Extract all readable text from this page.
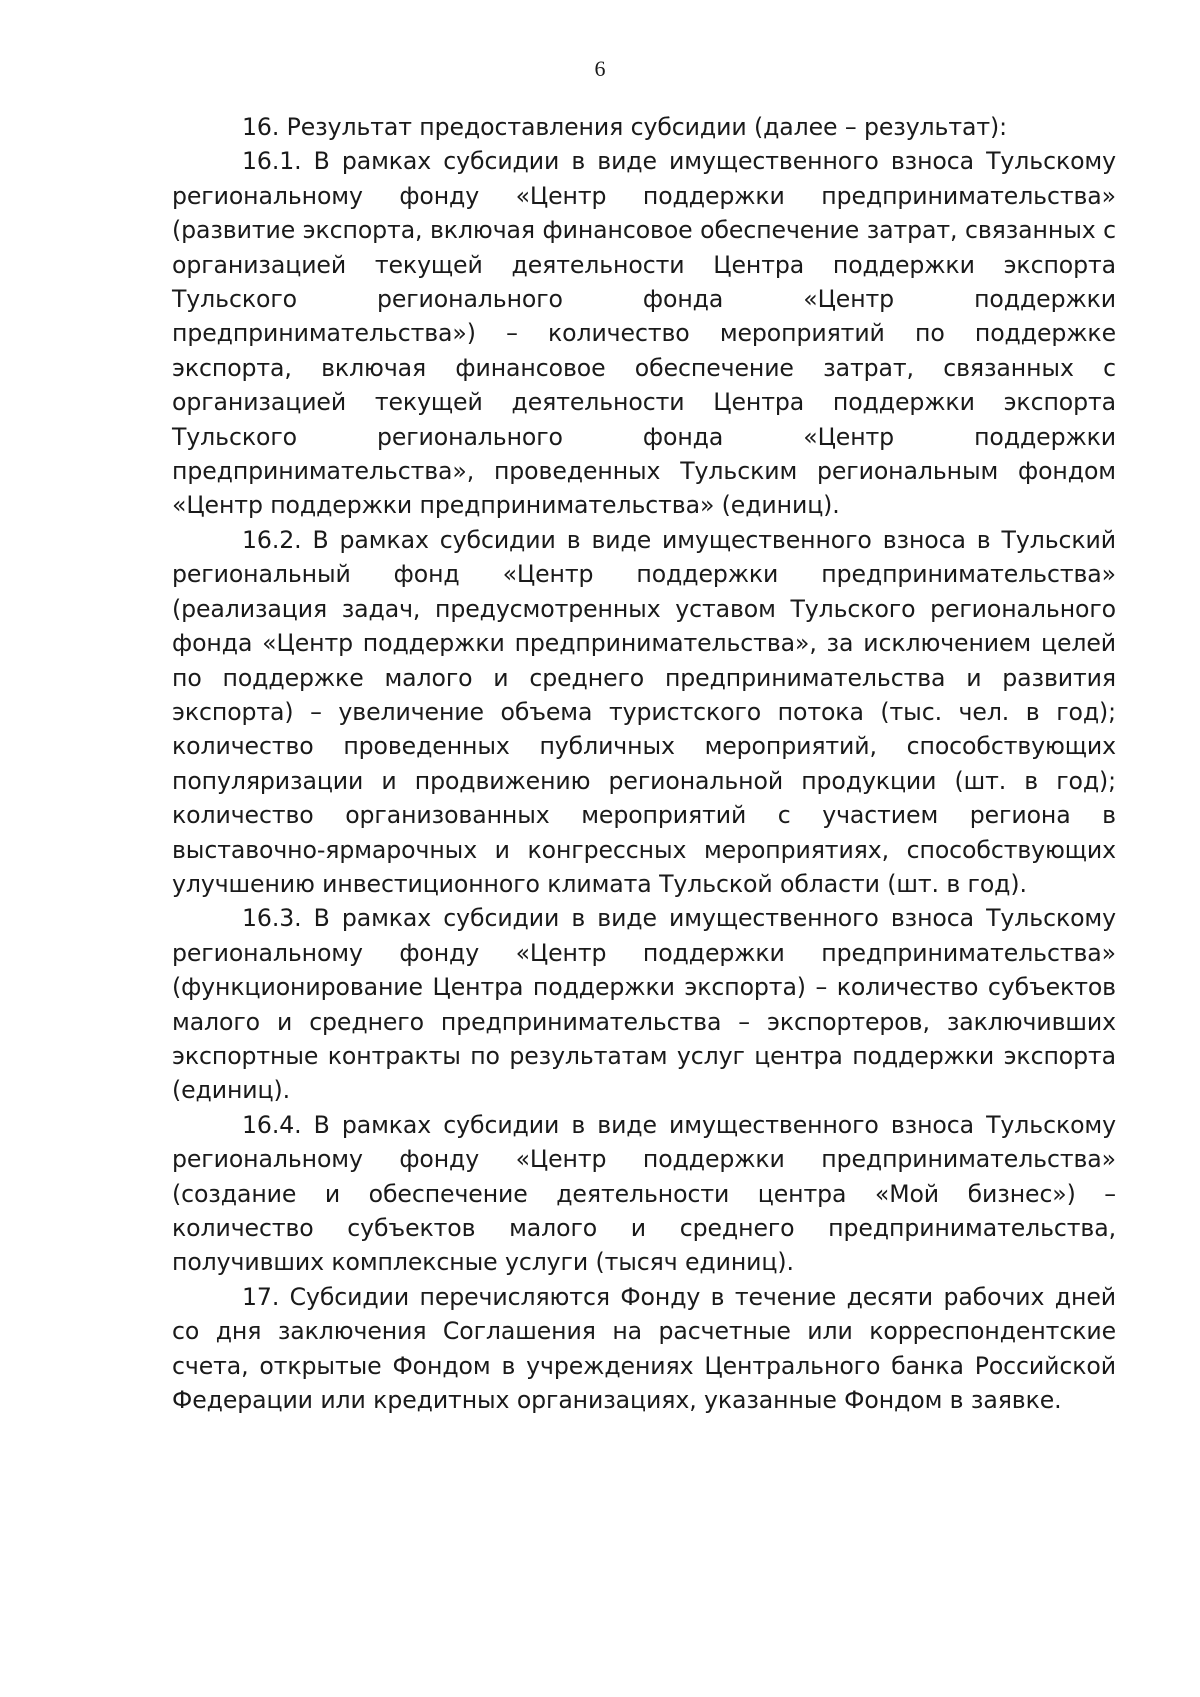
6

16. Результат предоставления субсидии (далее – результат):

16.1. В рамках субсидии в виде имущественного взноса Тульскому региональному фонду «Центр поддержки предпринимательства» (развитие экспорта, включая финансовое обеспечение затрат, связанных с организацией текущей деятельности Центра поддержки экспорта Тульского регионального фонда «Центр поддержки предпринимательства») – количество мероприятий по поддержке экспорта, включая финансовое обеспечение затрат, связанных с организацией текущей деятельности Центра поддержки экспорта Тульского регионального фонда «Центр поддержки предпринимательства», проведенных Тульским региональным фондом «Центр поддержки предпринимательства» (единиц).

16.2. В рамках субсидии в виде имущественного взноса в Тульский региональный фонд «Центр поддержки предпринимательства» (реализация задач, предусмотренных уставом Тульского регионального фонда «Центр поддержки предпринимательства», за исключением целей по поддержке малого и среднего предпринимательства и развития экспорта) – увеличение объема туристского потока (тыс. чел. в год); количество проведенных публичных мероприятий, способствующих популяризации и продвижению региональной продукции (шт. в год); количество организованных мероприятий с участием региона в выставочно-ярмарочных и конгрессных мероприятиях, способствующих улучшению инвестиционного климата Тульской области (шт. в год).

16.3. В рамках субсидии в виде имущественного взноса Тульскому региональному фонду «Центр поддержки предпринимательства» (функционирование Центра поддержки экспорта) – количество субъектов малого и среднего предпринимательства – экспортеров, заключивших экспортные контракты по результатам услуг центра поддержки экспорта (единиц).

16.4. В рамках субсидии в виде имущественного взноса Тульскому региональному фонду «Центр поддержки предпринимательства» (создание и обеспечение деятельности центра «Мой бизнес») – количество субъектов малого и среднего предпринимательства, получивших комплексные услуги (тысяч единиц).

17. Субсидии перечисляются Фонду в течение десяти рабочих дней со дня заключения Соглашения на расчетные или корреспондентские счета, открытые Фондом в учреждениях Центрального банка Российской Федерации или кредитных организациях, указанные Фондом в заявке.
